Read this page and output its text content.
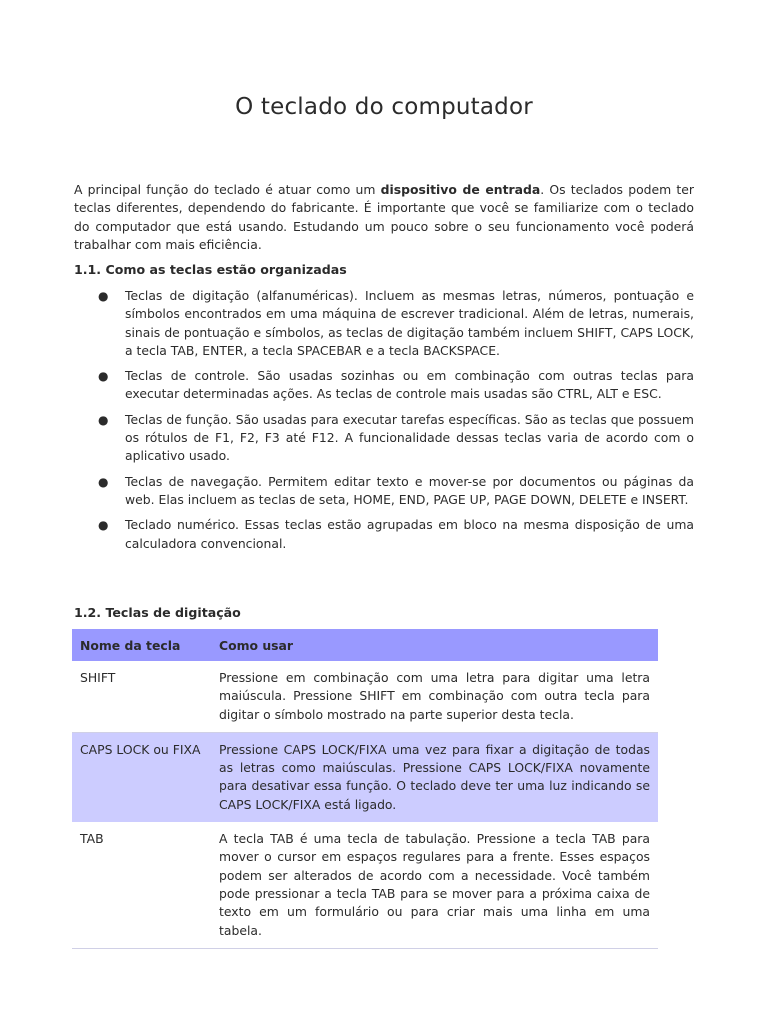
O teclado do computador

A principal função do teclado é atuar como um dispositivo de entrada. Os teclados podem ter teclas diferentes, dependendo do fabricante. É importante que você se familiarize com o teclado do computador que está usando. Estudando um pouco sobre o seu funcionamento você poderá trabalhar com mais eficiência.

1.1. Como as teclas estão organizadas
● Teclas de digitação (alfanuméricas). Incluem as mesmas letras, números, pontuação e símbolos encontrados em uma máquina de escrever tradicional. Além de letras, numerais, sinais de pontuação e símbolos, as teclas de digitação também incluem SHIFT, CAPS LOCK, a tecla TAB, ENTER, a tecla SPACEBAR e a tecla BACKSPACE.
● Teclas de controle. São usadas sozinhas ou em combinação com outras teclas para executar determinadas ações. As teclas de controle mais usadas são CTRL, ALT e ESC.
● Teclas de função. São usadas para executar tarefas específicas. São as teclas que possuem os rótulos de F1, F2, F3 até F12. A funcionalidade dessas teclas varia de acordo com o aplicativo usado.
● Teclas de navegação. Permitem editar texto e mover-se por documentos ou páginas da web. Elas incluem as teclas de seta, HOME, END, PAGE UP, PAGE DOWN, DELETE e INSERT.
● Teclado numérico. Essas teclas estão agrupadas em bloco na mesma disposição de uma calculadora convencional.
1.2. Teclas de digitação
Nome da tecla	Como usar
SHIFT	Pressione em combinação com uma letra para digitar uma letra maiúscula. Pressione SHIFT em combinação com outra tecla para digitar o símbolo mostrado na parte superior desta tecla.
CAPS LOCK ou FIXA	Pressione CAPS LOCK/FIXA uma vez para fixar a digitação de todas as letras como maiúsculas. Pressione CAPS LOCK/FIXA novamente para desativar essa função. O teclado deve ter uma luz indicando se CAPS LOCK/FIXA está ligado.
TAB	A tecla TAB é uma tecla de tabulação. Pressione a tecla TAB para mover o cursor em espaços regulares para a frente. Esses espaços podem ser alterados de acordo com a necessidade. Você também pode pressionar a tecla TAB para se mover para a próxima caixa de texto em um formulário ou para criar mais uma linha em uma tabela.
